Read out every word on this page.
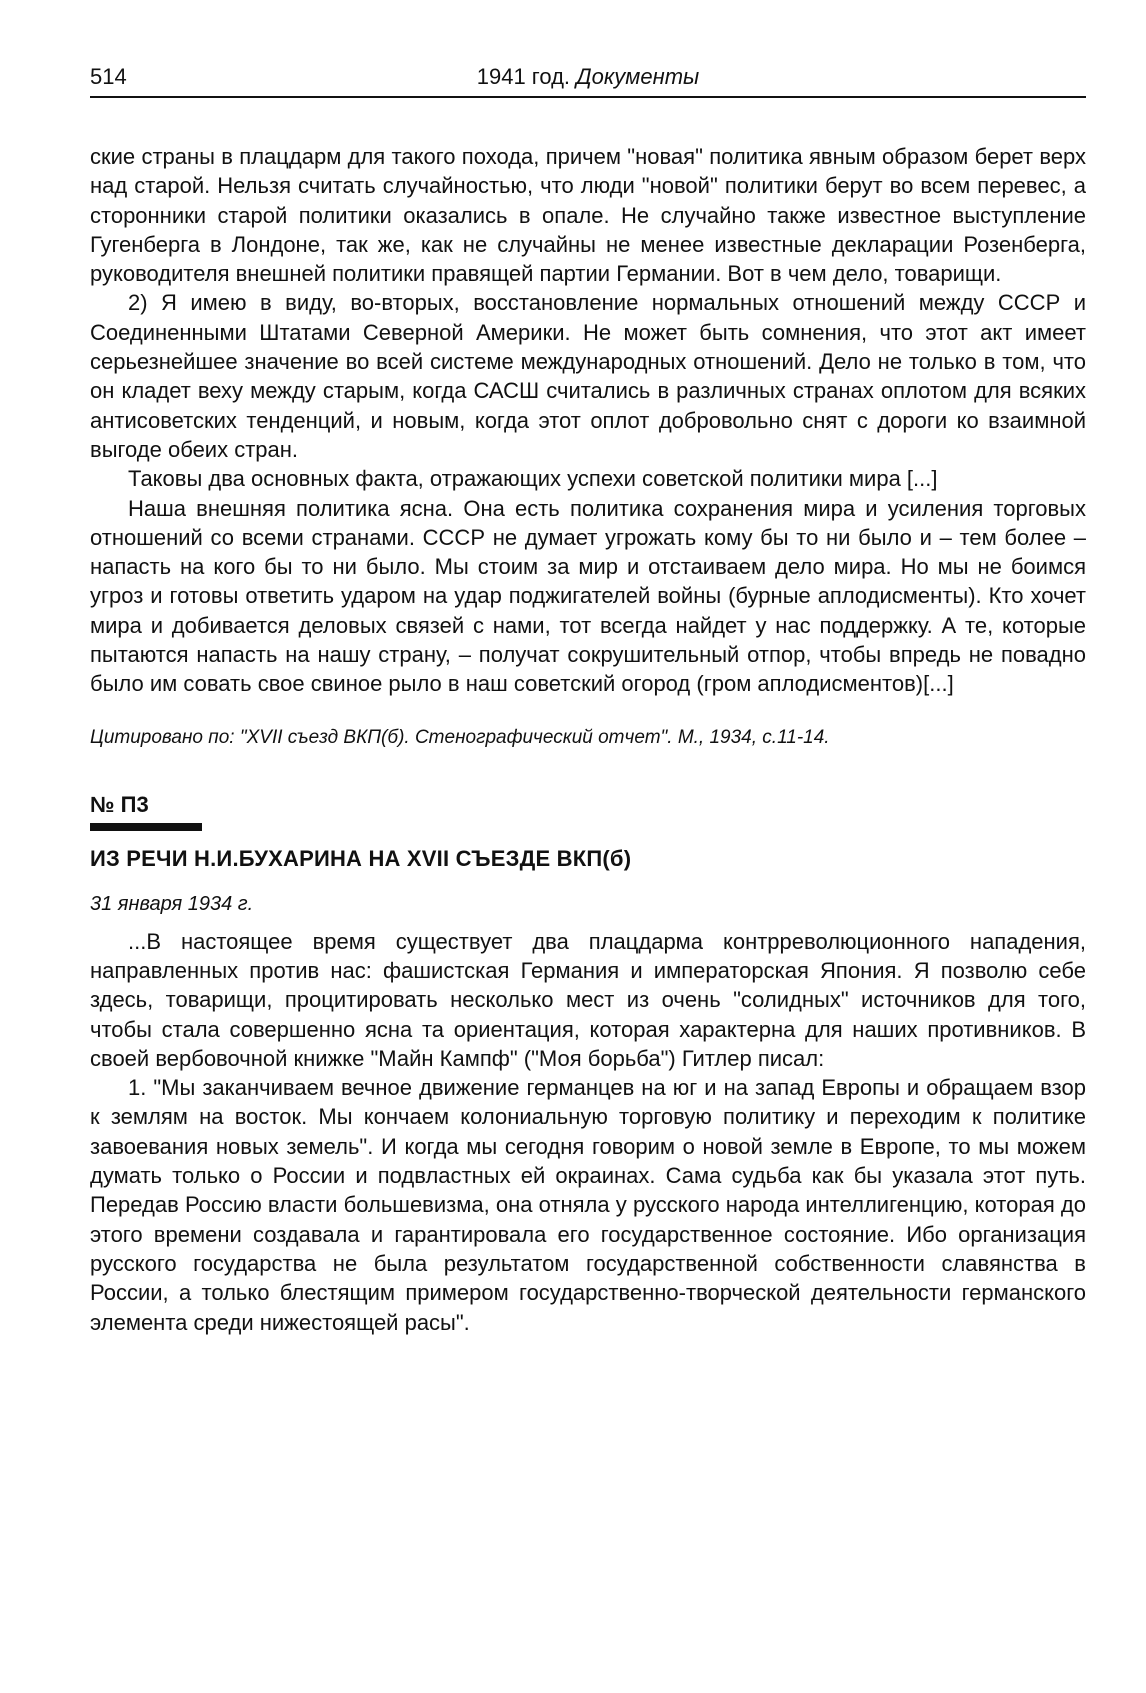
514	1941 год. Документы

ские страны в плацдарм для такого похода, причем "новая" политика явным образом берет верх над старой. Нельзя считать случайностью, что люди "новой" политики берут во всем перевес, а сторонники старой политики оказались в опале. Не случайно также известное выступление Гугенберга в Лондоне, так же, как не случайны не менее известные декларации Розенберга, руководителя внешней политики правящей партии Германии. Вот в чем дело, товарищи.

2) Я имею в виду, во-вторых, восстановление нормальных отношений между СССР и Соединенными Штатами Северной Америки. Не может быть сомнения, что этот акт имеет серьезнейшее значение во всей системе международных отношений. Дело не только в том, что он кладет веху между старым, когда САСШ считались в различных странах оплотом для всяких антисоветских тенденций, и новым, когда этот оплот добровольно снят с дороги ко взаимной выгоде обеих стран.

Таковы два основных факта, отражающих успехи советской политики мира [...]

Наша внешняя политика ясна. Она есть политика сохранения мира и усиления торговых отношений со всеми странами. СССР не думает угрожать кому бы то ни было и – тем более – напасть на кого бы то ни было. Мы стоим за мир и отстаиваем дело мира. Но мы не боимся угроз и готовы ответить ударом на удар поджигателей войны (бурные аплодисменты). Кто хочет мира и добивается деловых связей с нами, тот всегда найдет у нас поддержку. А те, которые пытаются напасть на нашу страну, – получат сокрушительный отпор, чтобы впредь не повадно было им совать свое свиное рыло в наш советский огород (гром аплодисментов)[...]

Цитировано по: "XVII съезд ВКП(б). Стенографический отчет". М., 1934, с.11-14.
№ П3
ИЗ РЕЧИ Н.И.БУХАРИНА НА XVII СЪЕЗДЕ ВКП(б)
31 января 1934 г.

...В настоящее время существует два плацдарма контрреволюционного нападения, направленных против нас: фашистская Германия и императорская Япония. Я позволю себе здесь, товарищи, процитировать несколько мест из очень "солидных" источников для того, чтобы стала совершенно ясна та ориентация, которая характерна для наших противников. В своей вербовочной книжке "Майн Кампф" ("Моя борьба") Гитлер писал:

1. "Мы заканчиваем вечное движение германцев на юг и на запад Европы и обращаем взор к землям на восток. Мы кончаем колониальную торговую политику и переходим к политике завоевания новых земель". И когда мы сегодня говорим о новой земле в Европе, то мы можем думать только о России и подвластных ей окраинах. Сама судьба как бы указала этот путь. Передав Россию власти большевизма, она отняла у русского народа интеллигенцию, которая до этого времени создавала и гарантировала его государственное состояние. Ибо организация русского государства не была результатом государственной собственности славянства в России, а только блестящим примером государственно-творческой деятельности германского элемента среди нижестоящей расы".
